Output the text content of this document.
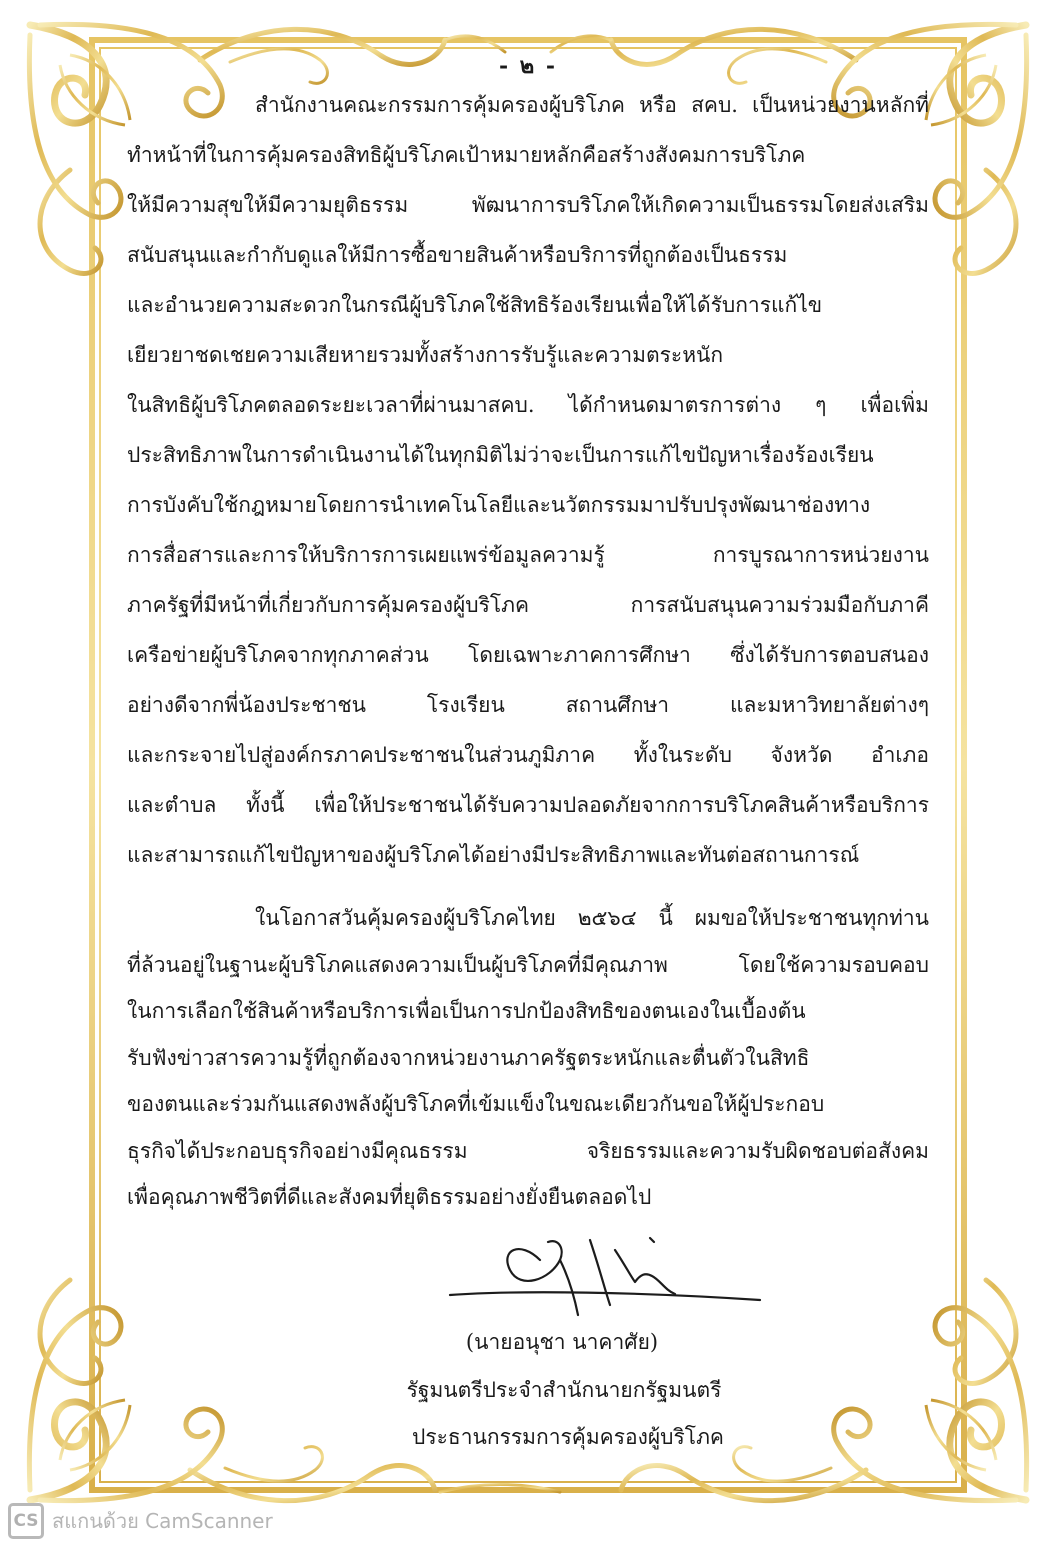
- ๒ -
สำนักงานคณะกรรมการคุ้มครองผู้บริโภค หรือ สคบ. เป็นหน่วยงานหลักที่
ทำหน้าที่ในการคุ้มครองสิทธิผู้บริโภคเป้าหมายหลักคือสร้างสังคมการบริโภค
ให้มีความสุขให้มีความยุติธรรม พัฒนาการบริโภคให้เกิดความเป็นธรรมโดยส่งเสริม
สนับสนุนและกำกับดูแลให้มีการซื้อขายสินค้าหรือบริการที่ถูกต้องเป็นธรรม
และอำนวยความสะดวกในกรณีผู้บริโภคใช้สิทธิร้องเรียนเพื่อให้ได้รับการแก้ไข
เยียวยาชดเชยความเสียหายรวมทั้งสร้างการรับรู้และความตระหนัก
ในสิทธิผู้บริโภคตลอดระยะเวลาที่ผ่านมาสคบ. ได้กำหนดมาตรการต่าง ๆ เพื่อเพิ่ม
ประสิทธิภาพในการดำเนินงานได้ในทุกมิติไม่ว่าจะเป็นการแก้ไขปัญหาเรื่องร้องเรียน
การบังคับใช้กฎหมายโดยการนำเทคโนโลยีและนวัตกรรมมาปรับปรุงพัฒนาช่องทาง
การสื่อสารและการให้บริการการเผยแพร่ข้อมูลความรู้ การบูรณาการหน่วยงาน
ภาครัฐที่มีหน้าที่เกี่ยวกับการคุ้มครองผู้บริโภค การสนับสนุนความร่วมมือกับภาคี
เครือข่ายผู้บริโภคจากทุกภาคส่วน โดยเฉพาะภาคการศึกษา ซึ่งได้รับการตอบสนอง
อย่างดีจากพี่น้องประชาชน โรงเรียน สถานศึกษา และมหาวิทยาลัยต่างๆ
และกระจายไปสู่องค์กรภาคประชาชนในส่วนภูมิภาค ทั้งในระดับ จังหวัด อำเภอ
และตำบล ทั้งนี้ เพื่อให้ประชาชนได้รับความปลอดภัยจากการบริโภคสินค้าหรือบริการ
และสามารถแก้ไขปัญหาของผู้บริโภคได้อย่างมีประสิทธิภาพและทันต่อสถานการณ์
ในโอกาสวันคุ้มครองผู้บริโภคไทย ๒๕๖๔ นี้ ผมขอให้ประชาชนทุกท่าน
ที่ล้วนอยู่ในฐานะผู้บริโภคแสดงความเป็นผู้บริโภคที่มีคุณภาพ โดยใช้ความรอบคอบ
ในการเลือกใช้สินค้าหรือบริการเพื่อเป็นการปกป้องสิทธิของตนเองในเบื้องต้น
รับฟังข่าวสารความรู้ที่ถูกต้องจากหน่วยงานภาครัฐตระหนักและตื่นตัวในสิทธิ
ของตนและร่วมกันแสดงพลังผู้บริโภคที่เข้มแข็งในขณะเดียวกันขอให้ผู้ประกอบ
ธุรกิจได้ประกอบธุรกิจอย่างมีคุณธรรม จริยธรรมและความรับผิดชอบต่อสังคม
เพื่อคุณภาพชีวิตที่ดีและสังคมที่ยุติธรรมอย่างยั่งยืนตลอดไป
(นายอนุชา นาคาศัย)
รัฐมนตรีประจำสำนักนายกรัฐมนตรี
ประธานกรรมการคุ้มครองผู้บริโภค
CS สแกนด้วย CamScanner
